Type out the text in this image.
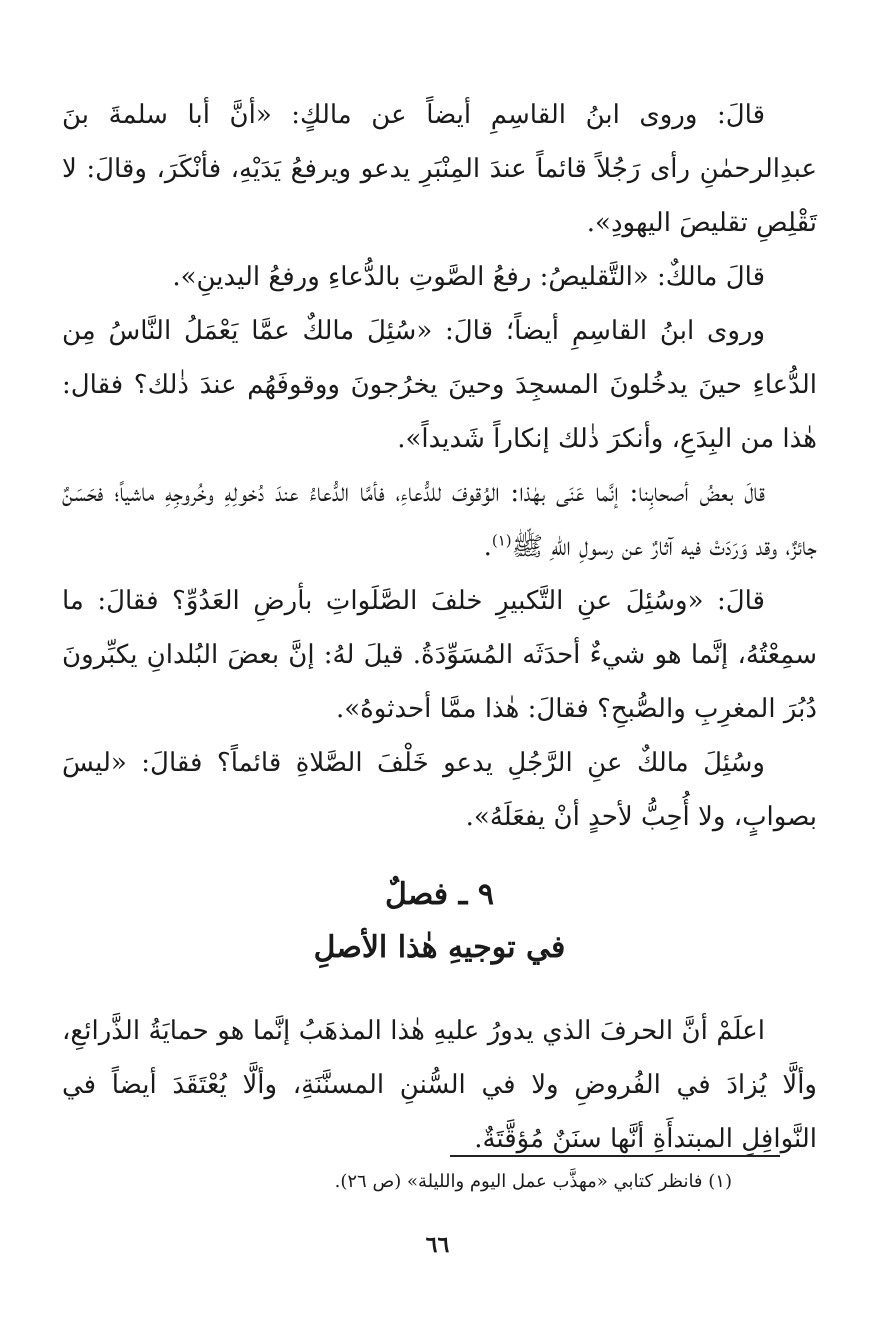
قالَ: وروى ابنُ القاسِمِ أيضاً عن مالكٍ: «أنَّ أبا سلمةَ بنَ عبدِالرحمٰنِ رأى رَجُلاً قائماً عندَ المِنْبَرِ يدعو ويرفعُ يَدَيْهِ، فأنْكَرَ، وقالَ: لا تَقْلِصِ تقليصَ اليهودِ».

قالَ مالكٌ: «التَّقليصُ: رفعُ الصَّوتِ بالدُّعاءِ ورفعُ اليدينِ».

وروى ابنُ القاسِمِ أيضاً؛ قالَ: «سُئِلَ مالكٌ عمَّا يَعْمَلُ النَّاسُ مِن الدُّعاءِ حينَ يدخُلونَ المسجِدَ وحينَ يخرُجونَ ووقوفَهُم عندَ ذٰلك؟ فقال: هٰذا من البِدَعِ، وأنكرَ ذٰلك إنكاراً شَديداً».

قالَ بعضُ أصحابِنا: إنَّما عَنَى بهٰذا: الوُقوفَ للدُّعاءِ، فأمَّا الدُّعاءُ عندَ دُخولِهِ وخُروجِهِ ماشياً؛ فحَسَنٌ جائزٌ، وقد وَرَدَتْ فيه آثارٌ عن رسولِ اللهِ ﷺ$^{(١)}$.

قالَ: «وسُئِلَ عنِ التَّكبيرِ خلفَ الصَّلَواتِ بأرضِ العَدُوِّ؟ فقالَ: ما سمِعْتُهُ، إنَّما هو شيءٌ أحدَثَه المُسَوِّدَةُ. قيلَ لهُ: إنَّ بعضَ البُلدانِ يكبِّرونَ دُبُرَ المغرِبِ والصُّبحِ؟ فقالَ: هٰذا ممَّا أحدثوهُ».

وسُئِلَ مالكٌ عنِ الرَّجُلِ يدعو خَلْفَ الصَّلاةِ قائماً؟ فقالَ: «ليسَ بصوابٍ، ولا أُحِبُّ لأحدٍ أنْ يفعَلَهُ».

٩ ـ فصلٌ
في توجيهِ هٰذا الأصلِ

اعلَمْ أنَّ الحرفَ الذي يدورُ عليهِ هٰذا المذهَبُ إنَّما هو حمايَةُ الذَّرائعِ، وألَّا يُزادَ في الفُروضِ ولا في السُّننِ المسنَّنَةِ، وألَّا يُعْتَقَدَ أيضاً في النَّوافِلِ المبتدأَةِ أنَّها سنَنٌ مُؤقَّتَةٌ.

(١) فانظر كتابي «مهذَّب عمل اليوم والليلة» (ص ٢٦).
٦٦
